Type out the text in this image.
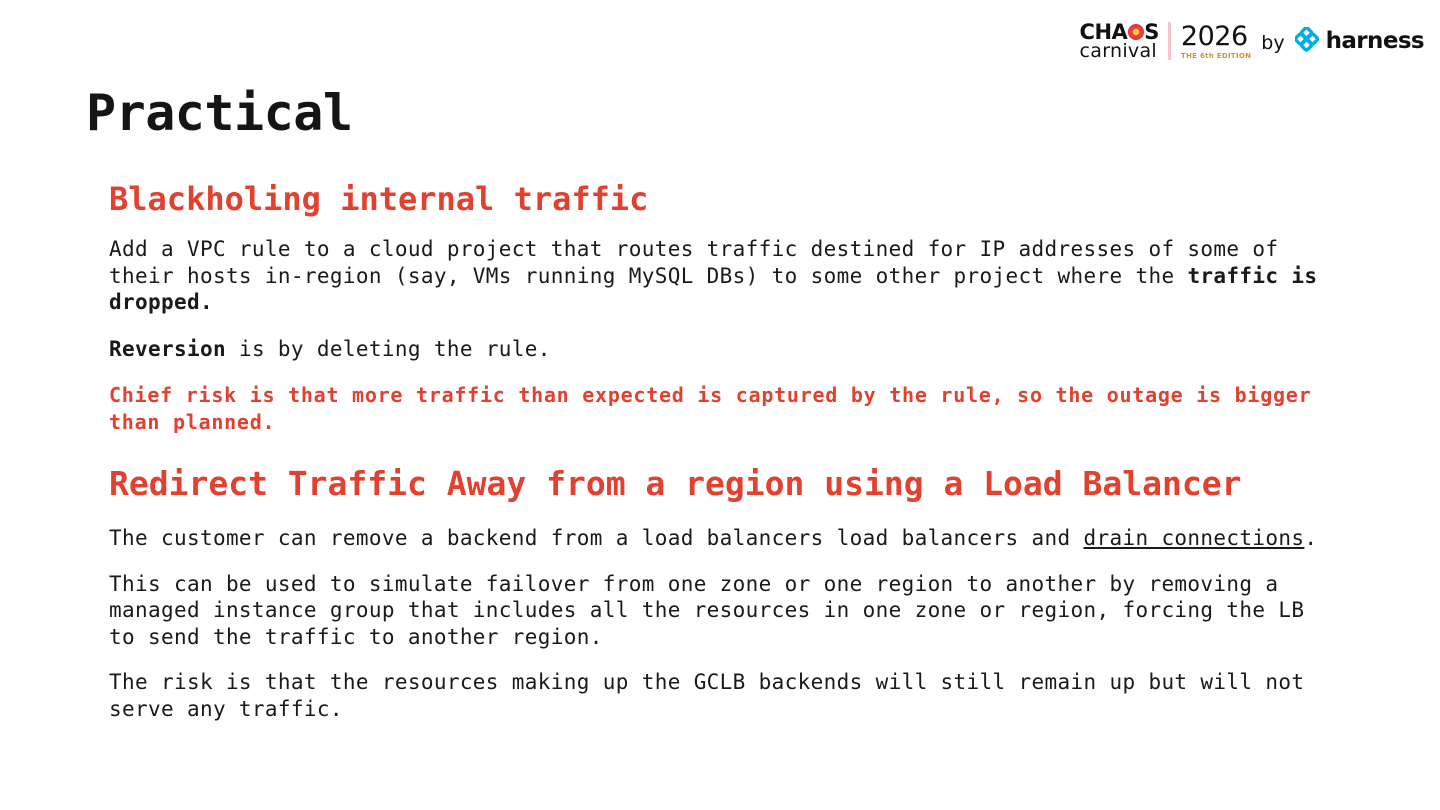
CHA S
carnival 2026
THE 6th EDITION
by harness
Practical
Blackholing internal traffic

Add a VPC rule to a cloud project that routes traffic destined for IP addresses of some of
their hosts in-region (say, VMs running MySQL DBs) to some other project where the traffic is
dropped.

Reversion is by deleting the rule.

Chief risk is that more traffic than expected is captured by the rule, so the outage is bigger
than planned.

Redirect Traffic Away from a region using a Load Balancer

The customer can remove a backend from a load balancers load balancers and drain connections.

This can be used to simulate failover from one zone or one region to another by removing a
managed instance group that includes all the resources in one zone or region, forcing the LB
to send the traffic to another region.

The risk is that the resources making up the GCLB backends will still remain up but will not
serve any traffic.
